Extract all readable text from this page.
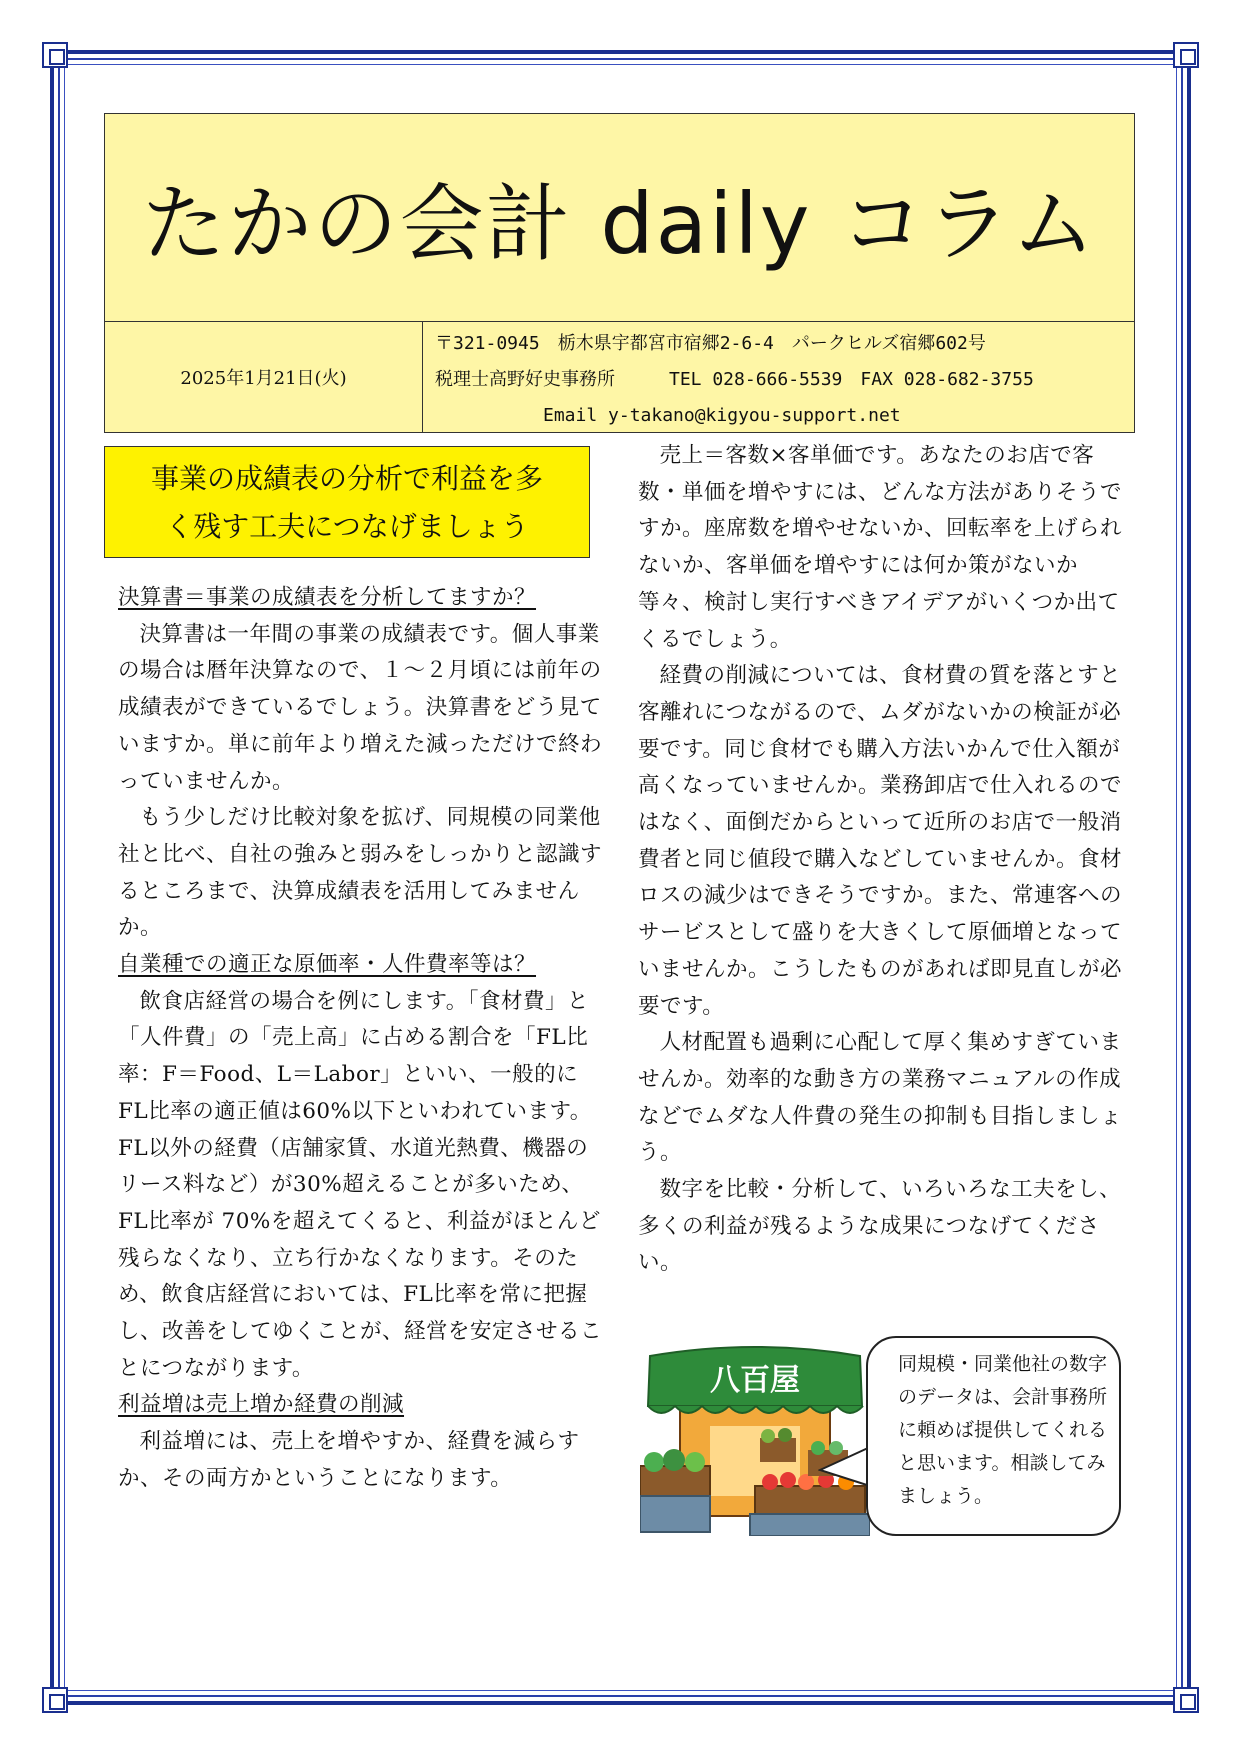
たかの会計 daily コラム
2025年1月21日(火)
〒321-0945　栃木県宇都宮市宿郷2-6-4　パークヒルズ宿郷602号
税理士高野好史事務所　　　TEL 028-666-5539　FAX 028-682-3755
　　　　　　Email y-takano@kigyou-support.net
事業の成績表の分析で利益を多
く残す工夫につなげましょう

決算書＝事業の成績表を分析してますか？

決算書は一年間の事業の成績表です。個人事業の場合は暦年決算なので、１～２月頃には前年の成績表ができているでしょう。決算書をどう見ていますか。単に前年より増えた減っただけで終わっていませんか。

もう少しだけ比較対象を拡げ、同規模の同業他社と比べ、自社の強みと弱みをしっかりと認識するところまで、決算成績表を活用してみませんか。

自業種での適正な原価率・人件費率等は？

飲食店経営の場合を例にします。「食材費」と「人件費」の「売上高」に占める割合を「FL比率：F＝Food、L＝Labor」といい、一般的にFL比率の適正値は60%以下といわれています。FL以外の経費（店舗家賃、水道光熱費、機器のリース料など）が30%超えることが多いため、FL比率が 70%を超えてくると、利益がほとんど残らなくなり、立ち行かなくなります。そのため、飲食店経営においては、FL比率を常に把握し、改善をしてゆくことが、経営を安定させることにつながります。

利益増は売上増か経費の削減

利益増には、売上を増やすか、経費を減らすか、その両方かということになります。

売上＝客数×客単価です。あなたのお店で客数・単価を増やすには、どんな方法がありそうですか。座席数を増やせないか、回転率を上げられないか、客単価を増やすには何か策がないか等々、検討し実行すべきアイデアがいくつか出てくるでしょう。

経費の削減については、食材費の質を落とすと客離れにつながるので、ムダがないかの検証が必要です。同じ食材でも購入方法いかんで仕入額が高くなっていませんか。業務卸店で仕入れるのではなく、面倒だからといって近所のお店で一般消費者と同じ値段で購入などしていませんか。食材ロスの減少はできそうですか。また、常連客へのサービスとして盛りを大きくして原価増となっていませんか。こうしたものがあれば即見直しが必要です。

人材配置も過剰に心配して厚く集めすぎていませんか。効率的な動き方の業務マニュアルの作成などでムダな人件費の発生の抑制も目指しましょう。

数字を比較・分析して、いろいろな工夫をし、多くの利益が残るような成果につなげてください。

八百屋	同規模・同業他社の数字のデータは、会計事務所に頼めば提供してくれると思います。相談してみましょう。
